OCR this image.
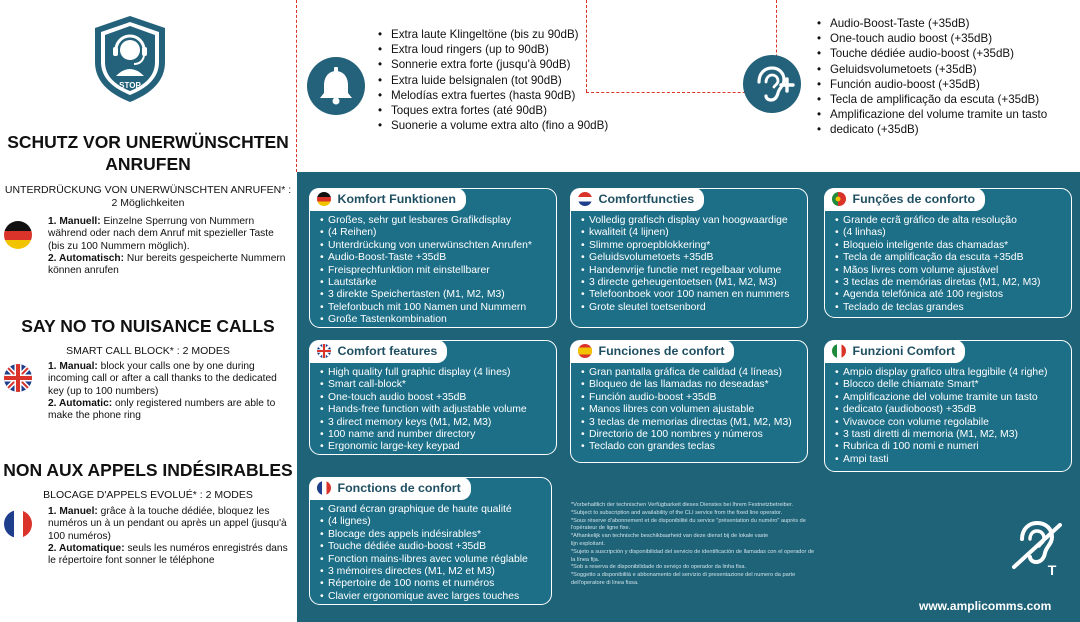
STOP
SCHUTZ VOR UNERWÜNSCHTEN
ANRUFEN
UNTERDRÜCKUNG VON UNERWÜNSCHTEN ANRUFEN* :
2 Möglichkeiten

1. Manuell: Einzelne Sperrung von Nummern während oder nach dem Anruf mit spezieller Taste (bis zu 100 Nummern möglich).

2. Automatisch: Nur bereits gespeicherte Nummern können anrufen

SAY NO TO NUISANCE CALLS
SMART CALL BLOCK* : 2 MODES

1. Manual: block your calls one by one during incoming call or after a call thanks to the dedicated key (up to 100 numbers)

2. Automatic: only registered numbers are able to make the phone ring

NON AUX APPELS INDÉSIRABLES
BLOCAGE D'APPELS EVOLUÉ* : 2 MODES

1. Manuel: grâce à la touche dédiée, bloquez les numéros un à un pendant ou après un appel (jusqu'à 100 numéros)

2. Automatique: seuls les numéros enregistrés dans le répertoire font sonner le téléphone

• Extra laute Klingeltöne (bis zu 90dB)
• Extra loud ringers (up to 90dB)
• Sonnerie extra forte (jusqu'à 90dB)
• Extra luide belsignalen (tot 90dB)
• Melodías extra fuertes (hasta 90dB)
• Toques extra fortes (até 90dB)
• Suonerie a volume extra alto (fino a 90dB)
• Audio-Boost-Taste (+35dB)
• One-touch audio boost (+35dB)
• Touche dédiée audio-boost (+35dB)
• Geluidsvolumetoets (+35dB)
• Función audio-boost (+35dB)
• Tecla de amplificação da escuta (+35dB)
• Amplificazione del volume tramite un tasto
• dedicato (+35dB)
Komfort Funktionen
• Großes, sehr gut lesbares Grafikdisplay
• (4 Reihen)
• Unterdrückung von unerwünschten Anrufen*
• Audio-Boost-Taste +35dB
• Freisprechfunktion mit einstellbarer
• Lautstärke
• 3 direkte Speichertasten (M1, M2, M3)
• Telefonbuch mit 100 Namen und Nummern
• Große Tastenkombination
Comfortfuncties
• Volledig grafisch display van hoogwaardige
• kwaliteit (4 lijnen)
• Slimme oproepblokkering*
• Geluidsvolumetoets +35dB
• Handenvrije functie met regelbaar volume
• 3 directe geheugentoetsen (M1, M2, M3)
• Telefoonboek voor 100 namen en nummers
• Grote sleutel toetsenbord
Funções de conforto
• Grande ecrã gráfico de alta resolução
• (4 linhas)
• Bloqueio inteligente das chamadas*
• Tecla de amplificação da escuta +35dB
• Mãos livres com volume ajustável
• 3 teclas de memórias diretas (M1, M2, M3)
• Agenda telefónica até 100 registos
• Teclado de teclas grandes
Comfort features
• High quality full graphic display (4 lines)
• Smart call-block*
• One-touch audio boost +35dB
• Hands-free function with adjustable volume
• 3 direct memory keys (M1, M2, M3)
• 100 name and number directory
• Ergonomic large-key keypad
Funciones de confort
• Gran pantalla gráfica de calidad (4 líneas)
• Bloqueo de las llamadas no deseadas*
• Función audio-boost +35dB
• Manos libres con volumen ajustable
• 3 teclas de memorias directas (M1, M2, M3)
• Directorio de 100 nombres y números
• Teclado con grandes teclas
Funzioni Comfort
• Ampio display grafico ultra leggibile (4 righe)
• Blocco delle chiamate Smart*
• Amplificazione del volume tramite un tasto
• dedicato (audioboost) +35dB
• Vivavoce con volume regolabile
• 3 tasti diretti di memoria (M1, M2, M3)
• Rubrica di 100 nomi e numeri
• Ampi tasti
Fonctions de confort
• Grand écran graphique de haute qualité
• (4 lignes)
• Blocage des appels indésirables*
• Touche dédiée audio-boost +35dB
• Fonction mains-libres avec volume réglable
• 3 mémoires directes (M1, M2 et M3)
• Répertoire de 100 noms et numéros
• Clavier ergonomique avec larges touches
*Vorbehaltlich der technischen Verfügbarkeit dieses Dienstes bei Ihrem Festnetzbetreiber.
*Subject to subscription and availability of the CLI service from the fixed line operator.
*Sous réserve d'abonnement et de disponibilité du service "présentation du numéro" auprès de
l'opérateur de ligne fixe.
*Afhankelijk van technische beschikbaarheid van deze dienst bij de lokale vaste
lijn exploitant.
*Sujeto a suscripción y disponibilidad del servicio de identificación de llamadas con el operador de
la línea fija.
*Sob a reserva de disponibilidade do serviço do operador da linha fixa.
*Soggetto a disponibilità e abbonamento del servizio di presentazione del numero da parte
dell'operatore di linea fissa.
T
www.amplicomms.com
